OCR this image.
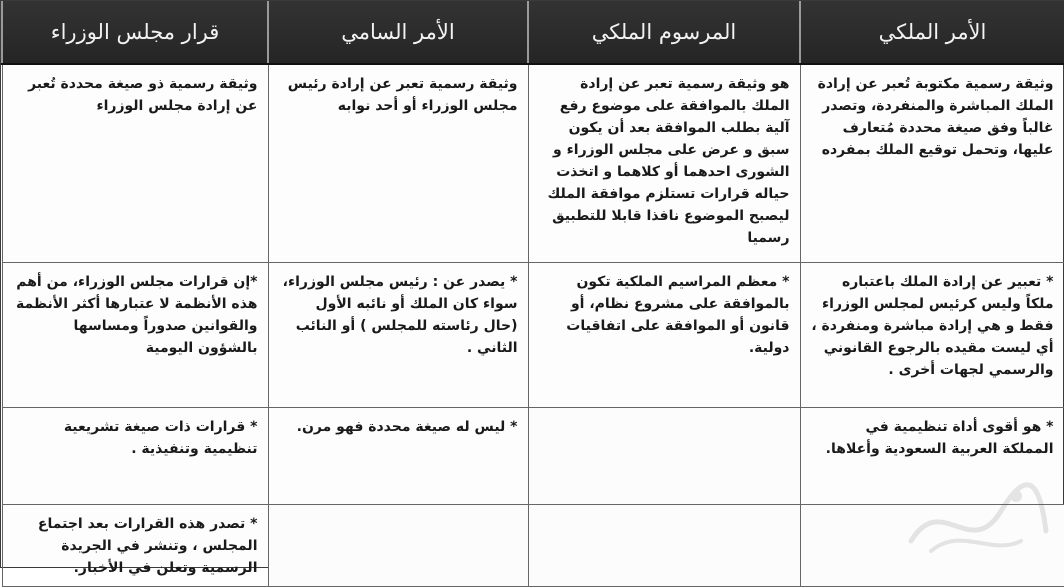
الأمر الملكي	المرسوم الملكي	الأمر السامي	قرار مجلس الوزراء
وثيقة رسمية مكتوبة تُعبر عن إرادة الملك المباشرة والمنفردة، وتصدر غالباً وفق صيغة محددة مُتعارف عليها، وتحمل توقيع الملك بمفرده	هو وثيقة رسمية تعبر عن إرادة الملك بالموافقة على موضوع رفع آلية بطلب الموافقة بعد أن يكون سبق و عرض على مجلس الوزراء و الشورى احدهما أو كلاهما و اتخذت حياله قرارات تستلزم موافقة الملك ليصبح الموضوع نافذا قابلا للتطبيق رسميا	وثيقة رسمية تعبر عن إرادة رئيس مجلس الوزراء أو أحد نوابه	وثيقة رسمية ذو صيغة محددة تُعبر عن إرادة مجلس الوزراء
* تعبير عن إرادة الملك باعتباره ملكاً وليس كرئيس لمجلس الوزراء فقط و هي إرادة مباشرة ومنفردة ، أي ليست مقيده بالرجوع القانوني والرسمي لجهات أخرى .	* معظم المراسيم الملكية تكون بالموافقة على مشروع نظام، أو قانون أو الموافقة على اتفاقيات دولية.	* يصدر عن : رئيس مجلس الوزراء، سواء كان الملك أو نائبه الأول (حال رئاسته للمجلس ) أو النائب الثاني .	*إن قرارات مجلس الوزراء، من أهم هذه الأنظمة لا عتبارها أكثر الأنظمة والقوانين صدوراً ومساسها بالشؤون اليومية
* هو أقوى أداة تنظيمية في المملكة العربية السعودية وأعلاها.		* ليس له صيغة محددة فهو مرن.	* قرارات ذات صيغة تشريعية تنظيمية وتنفيذية .
			* تصدر هذه القرارات بعد اجتماع المجلس ، وتنشر في الجريدة الرسمية وتعلن في الأخبار.
